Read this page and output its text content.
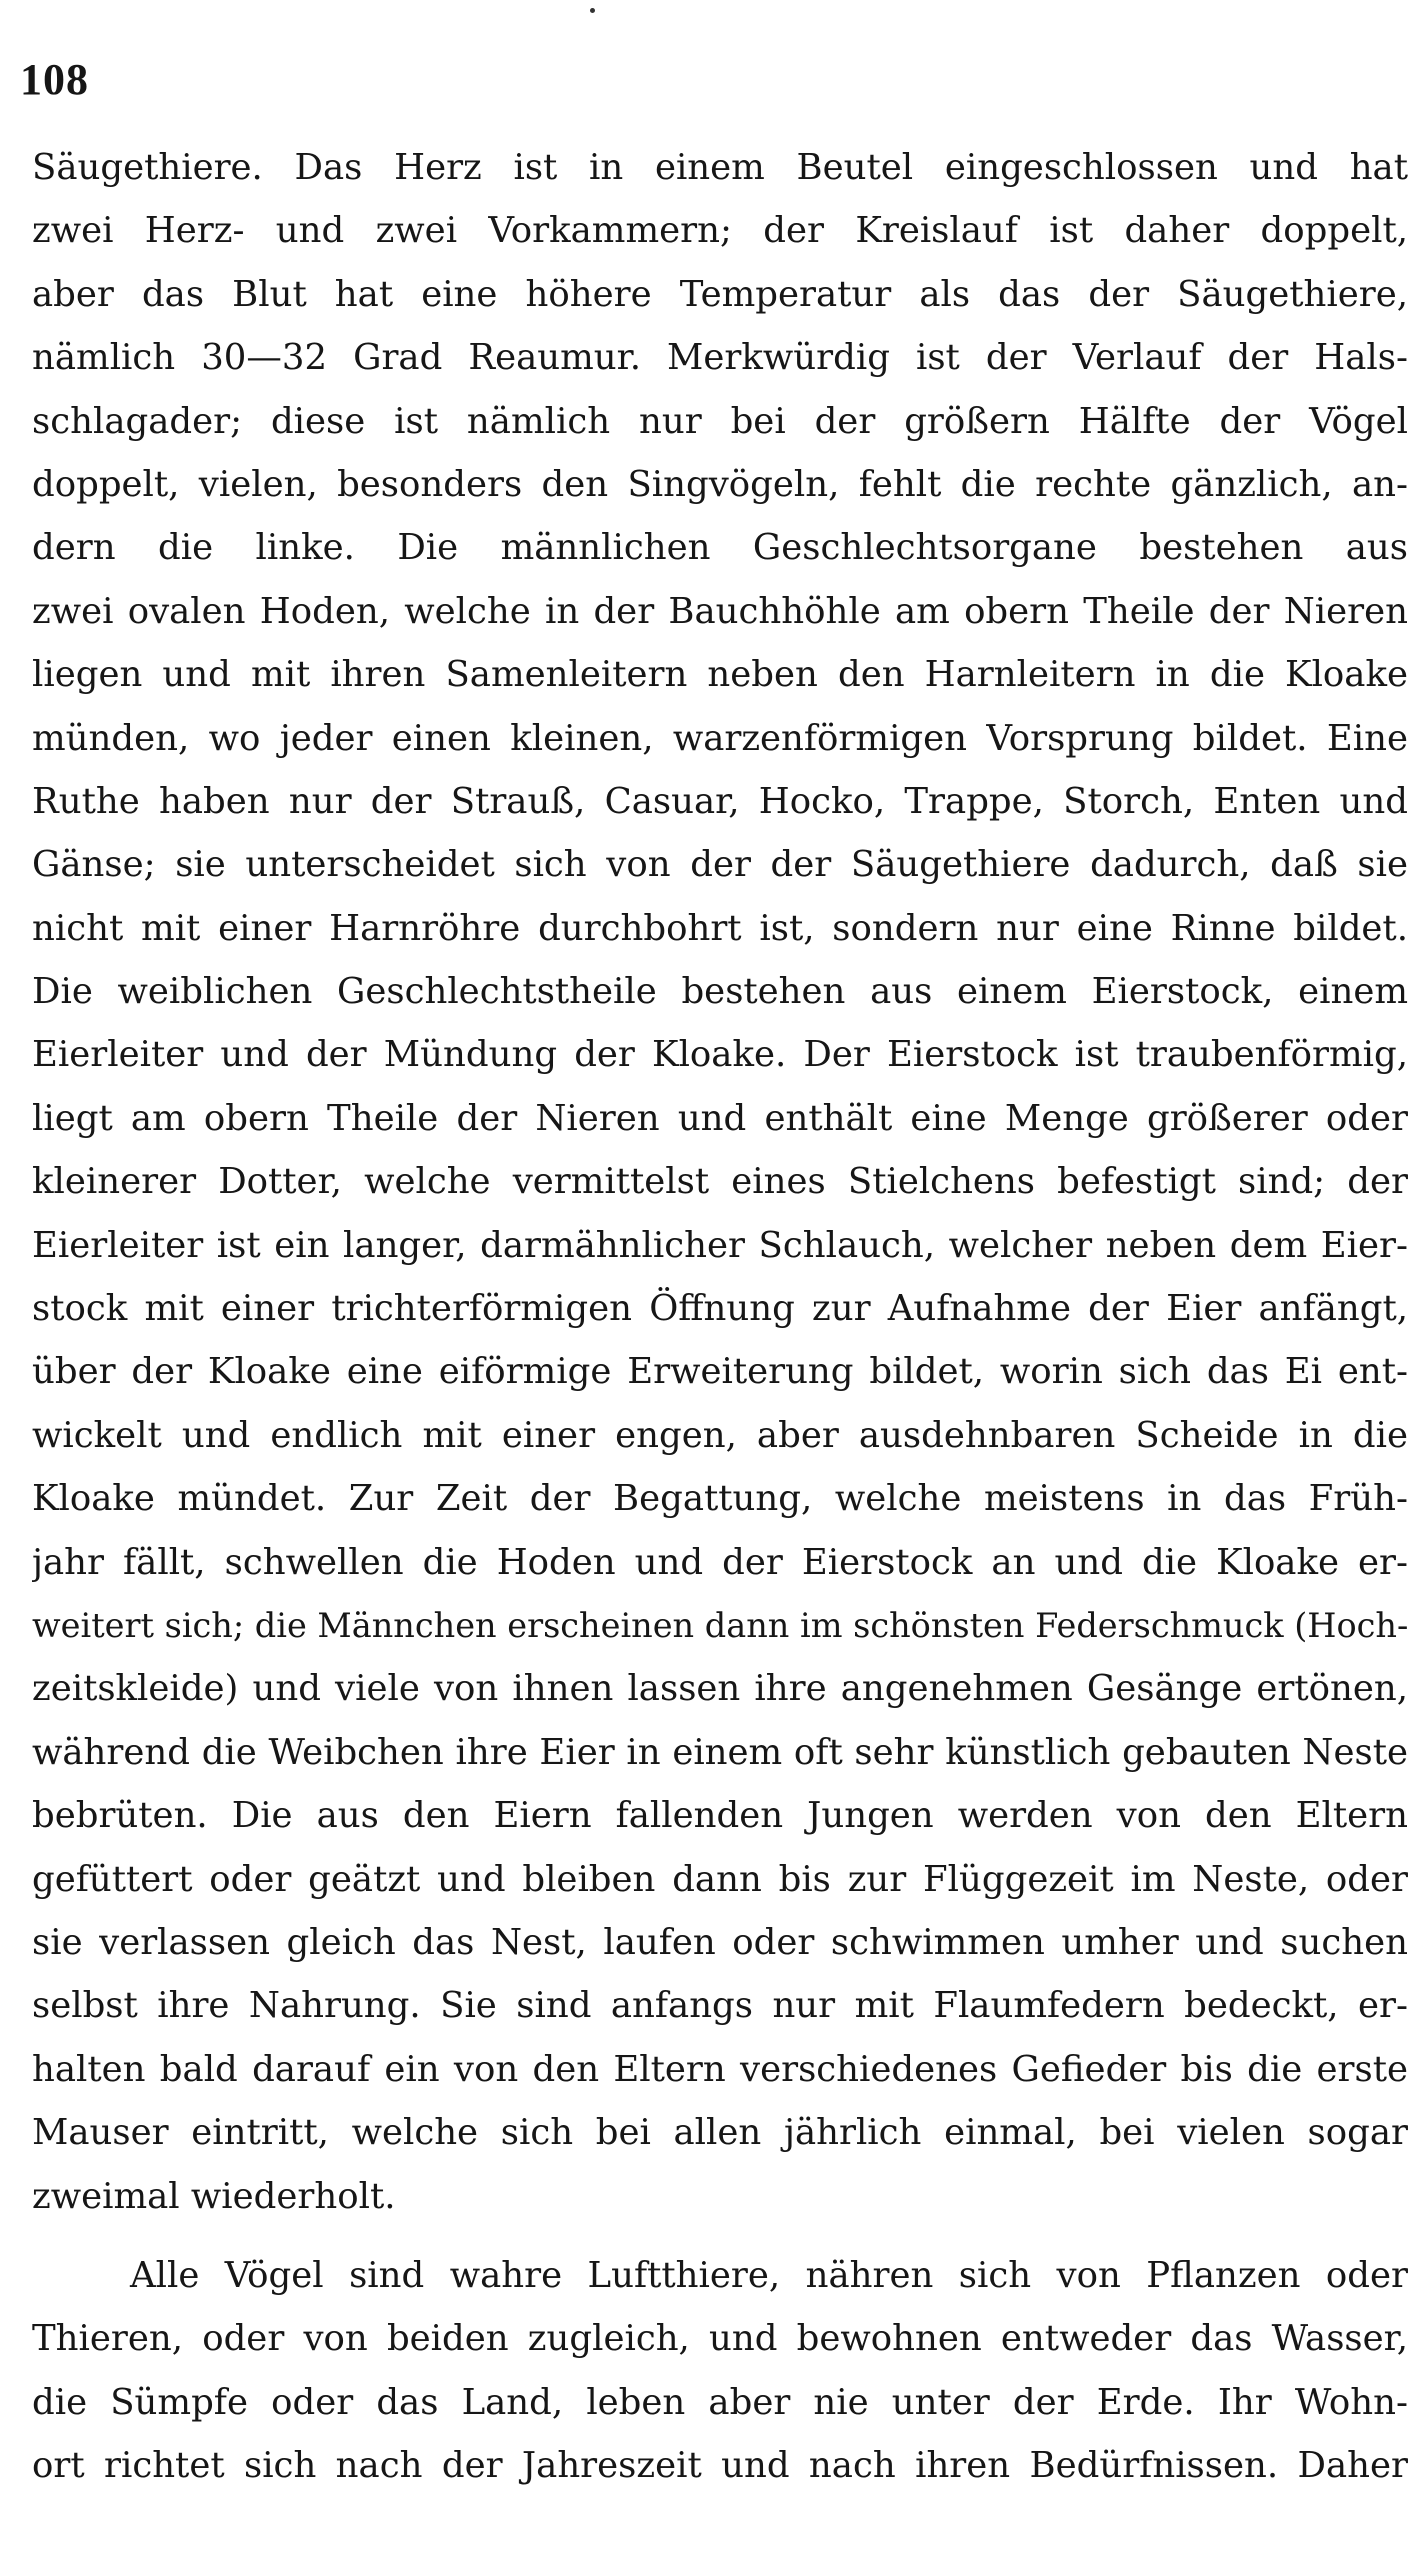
108
Säugethiere. Das Herz ist in einem Beutel eingeschlossen und hat
zwei Herz- und zwei Vorkammern; der Kreislauf ist daher doppelt,
aber das Blut hat eine höhere Temperatur als das der Säugethiere,
nämlich 30—32 Grad Reaumur. Merkwürdig ist der Verlauf der Hals-
schlagader; diese ist nämlich nur bei der größern Hälfte der Vögel
doppelt, vielen, besonders den Singvögeln, fehlt die rechte gänzlich, an-
dern die linke. Die männlichen Geschlechtsorgane bestehen aus
zwei ovalen Hoden, welche in der Bauchhöhle am obern Theile der Nieren
liegen und mit ihren Samenleitern neben den Harnleitern in die Kloake
münden, wo jeder einen kleinen, warzenförmigen Vorsprung bildet. Eine
Ruthe haben nur der Strauß, Casuar, Hocko, Trappe, Storch, Enten und
Gänse; sie unterscheidet sich von der der Säugethiere dadurch, daß sie
nicht mit einer Harnröhre durchbohrt ist, sondern nur eine Rinne bildet.
Die weiblichen Geschlechtstheile bestehen aus einem Eierstock, einem
Eierleiter und der Mündung der Kloake. Der Eierstock ist traubenförmig,
liegt am obern Theile der Nieren und enthält eine Menge größerer oder
kleinerer Dotter, welche vermittelst eines Stielchens befestigt sind; der
Eierleiter ist ein langer, darmähnlicher Schlauch, welcher neben dem Eier-
stock mit einer trichterförmigen Öffnung zur Aufnahme der Eier anfängt,
über der Kloake eine eiförmige Erweiterung bildet, worin sich das Ei ent-
wickelt und endlich mit einer engen, aber ausdehnbaren Scheide in die
Kloake mündet. Zur Zeit der Begattung, welche meistens in das Früh-
jahr fällt, schwellen die Hoden und der Eierstock an und die Kloake er-
weitert sich; die Männchen erscheinen dann im schönsten Federschmuck (Hoch-
zeitskleide) und viele von ihnen lassen ihre angenehmen Gesänge ertönen,
während die Weibchen ihre Eier in einem oft sehr künstlich gebauten Neste
bebrüten. Die aus den Eiern fallenden Jungen werden von den Eltern
gefüttert oder geätzt und bleiben dann bis zur Flüggezeit im Neste, oder
sie verlassen gleich das Nest, laufen oder schwimmen umher und suchen
selbst ihre Nahrung. Sie sind anfangs nur mit Flaumfedern bedeckt, er-
halten bald darauf ein von den Eltern verschiedenes Gefieder bis die erste
Mauser eintritt, welche sich bei allen jährlich einmal, bei vielen sogar
zweimal wiederholt.
Alle Vögel sind wahre Luftthiere, nähren sich von Pflanzen oder
Thieren, oder von beiden zugleich, und bewohnen entweder das Wasser,
die Sümpfe oder das Land, leben aber nie unter der Erde. Ihr Wohn-
ort richtet sich nach der Jahreszeit und nach ihren Bedürfnissen. Daher
